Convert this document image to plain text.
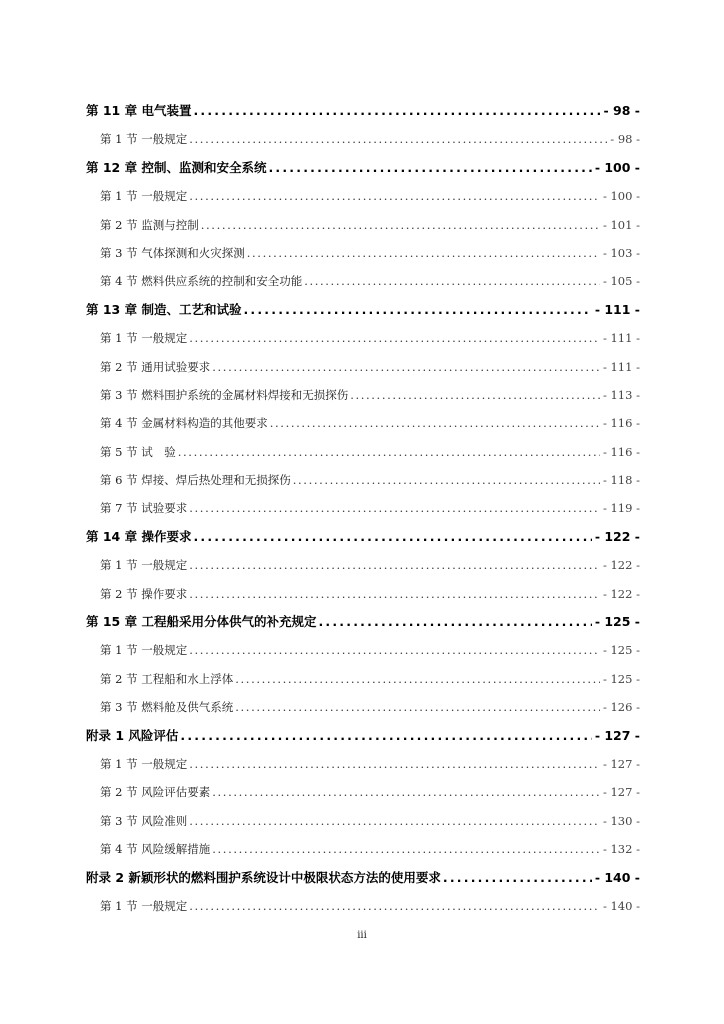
第 11 章 电气装置 .....	- 98 -
第 1 节 一般规定 .....	- 98 -
第 12 章 控制、监测和安全系统 .....	- 100 -
第 1 节 一般规定 .....	- 100 -
第 2 节 监测与控制 .....	- 101 -
第 3 节 气体探测和火灾探测 .....	- 103 -
第 4 节 燃料供应系统的控制和安全功能 .....	- 105 -
第 13 章 制造、工艺和试验 .....	- 111 -
第 1 节 一般规定 .....	- 111 -
第 2 节 通用试验要求 .....	- 111 -
第 3 节 燃料围护系统的金属材料焊接和无损探伤 .....	- 113 -
第 4 节 金属材料构造的其他要求 .....	- 116 -
第 5 节 试　验 .....	- 116 -
第 6 节 焊接、焊后热处理和无损探伤 .....	- 118 -
第 7 节 试验要求 .....	- 119 -
第 14 章 操作要求 .....	- 122 -
第 1 节 一般规定 .....	- 122 -
第 2 节 操作要求 .....	- 122 -
第 15 章 工程船采用分体供气的补充规定 .....	- 125 -
第 1 节 一般规定 .....	- 125 -
第 2 节 工程船和水上浮体 .....	- 125 -
第 3 节 燃料舱及供气系统 .....	- 126 -
附录 1 风险评估 .....	- 127 -
第 1 节 一般规定 .....	- 127 -
第 2 节 风险评估要素 .....	- 127 -
第 3 节 风险准则 .....	- 130 -
第 4 节 风险缓解措施 .....	- 132 -
附录 2 新颖形状的燃料围护系统设计中极限状态方法的使用要求 .....	- 140 -
第 1 节 一般规定 .....	- 140 -
iii
